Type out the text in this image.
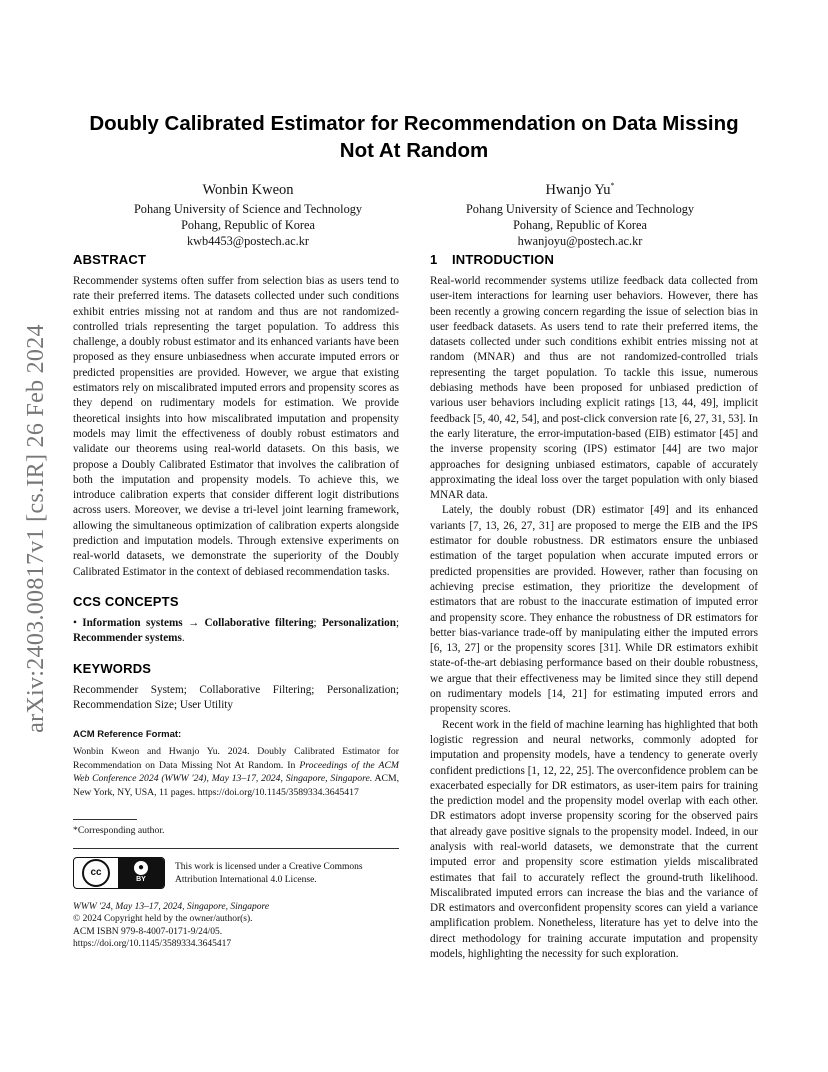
arXiv:2403.00817v1 [cs.IR] 26 Feb 2024
Doubly Calibrated Estimator for Recommendation on Data Missing Not At Random
Wonbin Kweon
Pohang University of Science and Technology
Pohang, Republic of Korea
kwb4453@postech.ac.kr
Hwanjo Yu*
Pohang University of Science and Technology
Pohang, Republic of Korea
hwanjoyu@postech.ac.kr
ABSTRACT

Recommender systems often suffer from selection bias as users tend to rate their preferred items. The datasets collected under such conditions exhibit entries missing not at random and thus are not randomized-controlled trials representing the target population. To address this challenge, a doubly robust estimator and its enhanced variants have been proposed as they ensure unbiasedness when accurate imputed errors or predicted propensities are provided. However, we argue that existing estimators rely on miscalibrated imputed errors and propensity scores as they depend on rudimentary models for estimation. We provide theoretical insights into how miscalibrated imputation and propensity models may limit the effectiveness of doubly robust estimators and validate our theorems using real-world datasets. On this basis, we propose a Doubly Calibrated Estimator that involves the calibration of both the imputation and propensity models. To achieve this, we introduce calibration experts that consider different logit distributions across users. Moreover, we devise a tri-level joint learning framework, allowing the simultaneous optimization of calibration experts alongside prediction and imputation models. Through extensive experiments on real-world datasets, we demonstrate the superiority of the Doubly Calibrated Estimator in the context of debiased recommendation tasks.

CCS CONCEPTS

• Information systems → Collaborative filtering; Personalization; Recommender systems.

KEYWORDS

Recommender System; Collaborative Filtering; Personalization; Recommendation Size; User Utility

ACM Reference Format:

Wonbin Kweon and Hwanjo Yu. 2024. Doubly Calibrated Estimator for Recommendation on Data Missing Not At Random. In Proceedings of the ACM Web Conference 2024 (WWW '24), May 13–17, 2024, Singapore, Singapore. ACM, New York, NY, USA, 11 pages. https://doi.org/10.1145/3589334.3645417

*Corresponding author.
cc	●
BY
This work is licensed under a Creative Commons Attribution International 4.0 License.
WWW '24, May 13–17, 2024, Singapore, Singapore
© 2024 Copyright held by the owner/author(s).
ACM ISBN 979-8-4007-0171-9/24/05.
https://doi.org/10.1145/3589334.3645417
1 INTRODUCTION

Real-world recommender systems utilize feedback data collected from user-item interactions for learning user behaviors. However, there has been recently a growing concern regarding the issue of selection bias in user feedback datasets. As users tend to rate their preferred items, the datasets collected under such conditions exhibit entries missing not at random (MNAR) and thus are not randomized-controlled trials representing the target population. To tackle this issue, numerous debiasing methods have been proposed for unbiased prediction of various user behaviors including explicit ratings [13, 44, 49], implicit feedback [5, 40, 42, 54], and post-click conversion rate [6, 27, 31, 53]. In the early literature, the error-imputation-based (EIB) estimator [45] and the inverse propensity scoring (IPS) estimator [44] are two major approaches for designing unbiased estimators, capable of accurately approximating the ideal loss over the target population with only biased MNAR data.

Lately, the doubly robust (DR) estimator [49] and its enhanced variants [7, 13, 26, 27, 31] are proposed to merge the EIB and the IPS estimator for double robustness. DR estimators ensure the unbiased estimation of the target population when accurate imputed errors or predicted propensities are provided. However, rather than focusing on achieving precise estimation, they prioritize the development of estimators that are robust to the inaccurate estimation of imputed error and propensity score. They enhance the robustness of DR estimators for better bias-variance trade-off by manipulating either the imputed errors [6, 13, 27] or the propensity scores [31]. While DR estimators exhibit state-of-the-art debiasing performance based on their double robustness, we argue that their effectiveness may be limited since they still depend on rudimentary models [14, 21] for estimating imputed errors and propensity scores.

Recent work in the field of machine learning has highlighted that both logistic regression and neural networks, commonly adopted for imputation and propensity models, have a tendency to generate overly confident predictions [1, 12, 22, 25]. The overconfidence problem can be exacerbated especially for DR estimators, as user-item pairs for training the prediction model and the propensity model overlap with each other. DR estimators adopt inverse propensity scoring for the observed pairs that already gave positive signals to the propensity model. Indeed, in our analysis with real-world datasets, we demonstrate that the current imputed error and propensity score estimation yields miscalibrated estimates that fail to accurately reflect the ground-truth likelihood. Miscalibrated imputed errors can increase the bias and the variance of DR estimators and overconfident propensity scores can yield a variance amplification problem. Nonetheless, literature has yet to delve into the direct methodology for training accurate imputation and propensity models, highlighting the necessity for such exploration.
